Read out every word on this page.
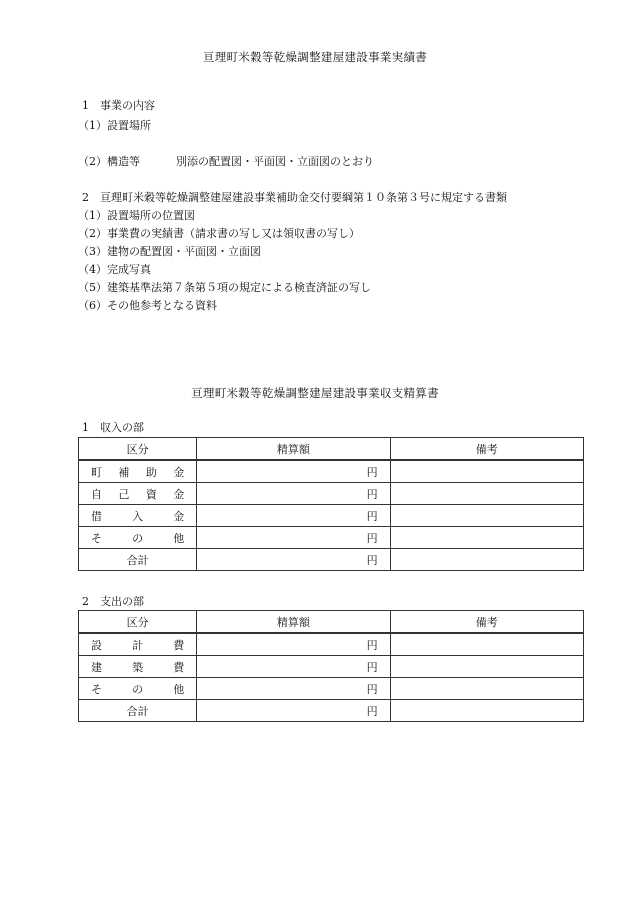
亘理町米穀等乾燥調整建屋建設事業実績書
1　事業の内容
（1）設置場所
（2）構造等	別添の配置図・平面図・立面図のとおり
2　亘理町米穀等乾燥調整建屋建設事業補助金交付要綱第１０条第３号に規定する書類
（1）設置場所の位置図
（2）事業費の実績書（請求書の写し又は領収書の写し）
（3）建物の配置図・平面図・立面図
（4）完成写真
（5）建築基準法第７条第５項の規定による検査済証の写し
（6）その他参考となる資料
亘理町米穀等乾燥調整建屋建設事業収支精算書
1　収入の部
区分	精算額	備考

町 補 助 金	円	

自 己 資 金	円	

借 入 金	円	

そ の 他	円	
合計	円	
2　支出の部
区分	精算額	備考

設 計 費	円	

建 築 費	円	

そ の 他	円	
合計	円	
